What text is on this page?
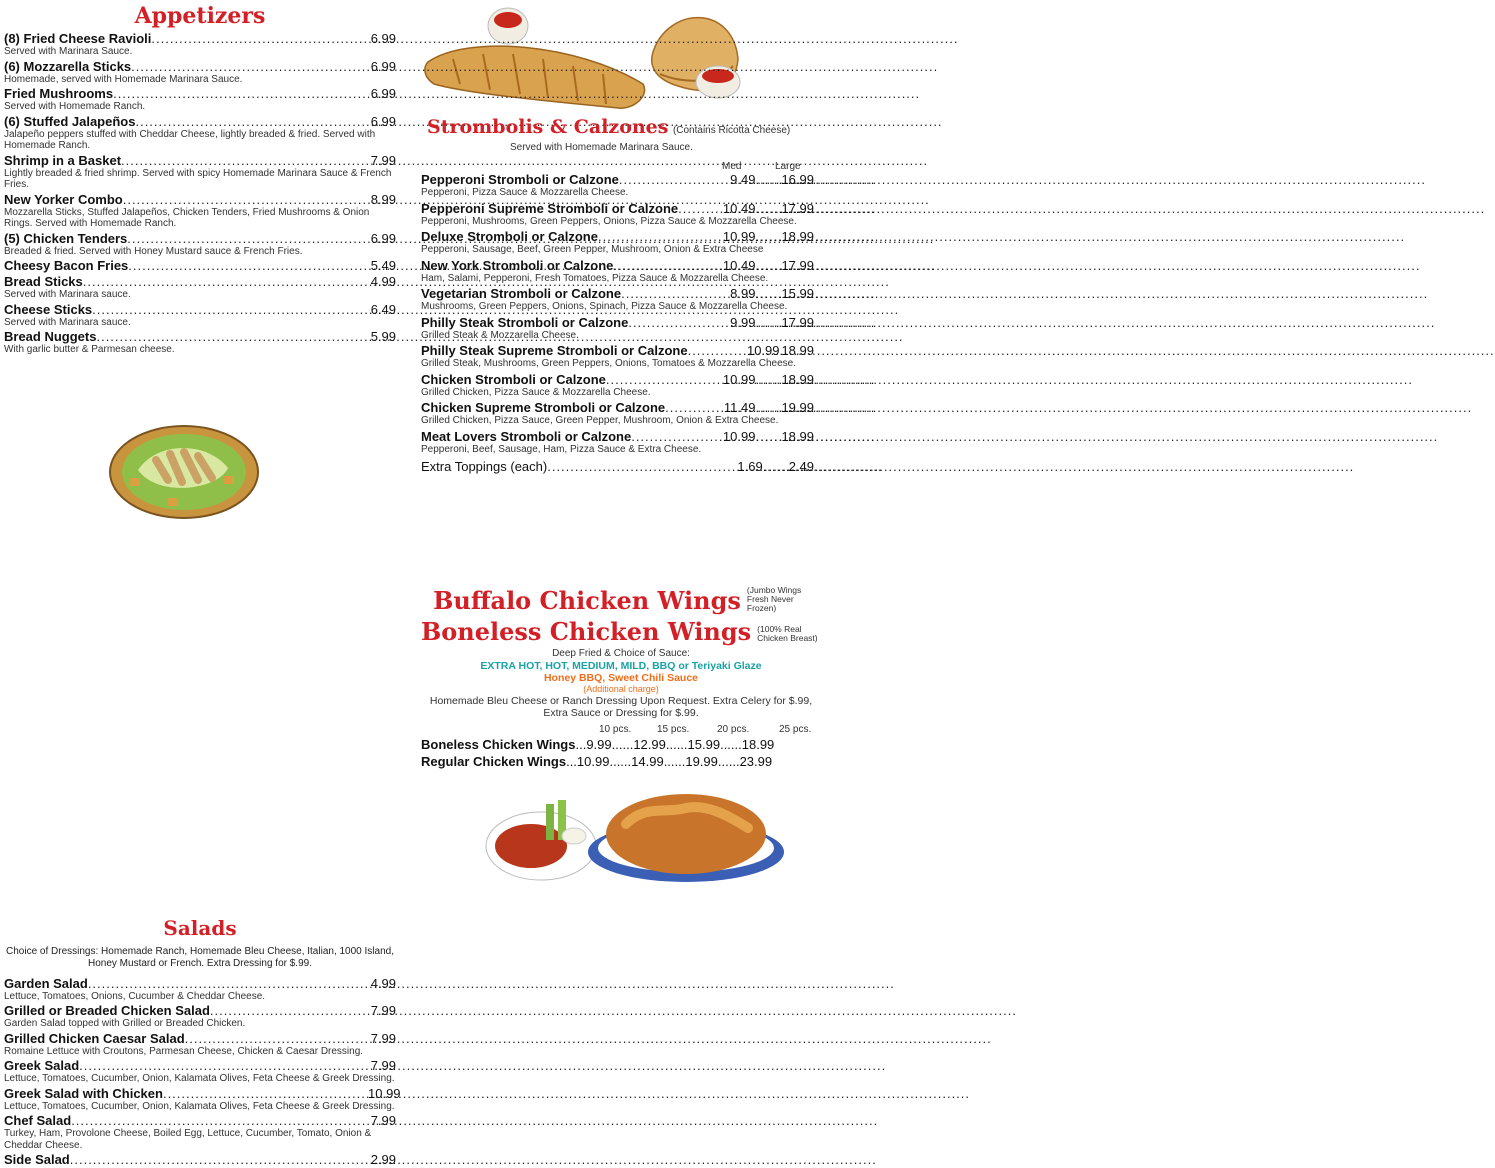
Appetizers
(8) Fried Cheese Ravioli .....	6.99
Served with Marinara Sauce.
(6) Mozzarella Sticks .....	6.99
Homemade, served with Homemade Marinara Sauce.
Fried Mushrooms .....	6.99
Served with Homemade Ranch.
(6) Stuffed Jalapeños .....	6.99
Jalapeño peppers stuffed with Cheddar Cheese, lightly breaded & fried. Served with Homemade Ranch.
Shrimp in a Basket .....	7.99
Lightly breaded & fried shrimp. Served with spicy Homemade Marinara Sauce & French Fries.
New Yorker Combo .....	8.99
Mozzarella Sticks, Stuffed Jalapeños, Chicken Tenders, Fried Mushrooms & Onion Rings. Served with Homemade Ranch.
(5) Chicken Tenders .....	6.99
Breaded & fried. Served with Honey Mustard sauce & French Fries.
Cheesy Bacon Fries .....	5.49
Bread Sticks .....	4.99
Served with Marinara sauce.
Cheese Sticks .....	6.49
Served with Marinara sauce.
Bread Nuggets .....	5.99
With garlic butter & Parmesan cheese.
Salads
Choice of Dressings: Homemade Ranch, Homemade Bleu Cheese, Italian, 1000 Island, Honey Mustard or French. Extra Dressing for $.99.
Garden Salad .....	4.99
Lettuce, Tomatoes, Onions, Cucumber & Cheddar Cheese.
Grilled or Breaded Chicken Salad .....	7.99
Garden Salad topped with Grilled or Breaded Chicken.
Grilled Chicken Caesar Salad .....	7.99
Romaine Lettuce with Croutons, Parmesan Cheese, Chicken & Caesar Dressing.
Greek Salad .....	7.99
Lettuce, Tomatoes, Cucumber, Onion, Kalamata Olives, Feta Cheese & Greek Dressing.
Greek Salad with Chicken .....	10.99
Lettuce, Tomatoes, Cucumber, Onion, Kalamata Olives, Feta Cheese & Greek Dressing.
Chef Salad .....	7.99
Turkey, Ham, Provolone Cheese, Boiled Egg, Lettuce, Cucumber, Tomato, Onion & Cheddar Cheese.
Side Salad .....	2.99
Strombolis & Calzones (Contains Ricotta Cheese)
Served with Homemade Marinara Sauce.
Med	Large
Pepperoni Stromboli or Calzone .....	9.49 ..... 16.99
Pepperoni, Pizza Sauce & Mozzarella Cheese.
Pepperoni Supreme Stromboli or Calzone .....	10.49 ..... 17.99
Pepperoni, Mushrooms, Green Peppers, Onions, Pizza Sauce & Mozzarella Cheese.
Deluxe Stromboli or Calzone .....	10.99 ..... 18.99
Pepperoni, Sausage, Beef, Green Pepper, Mushroom, Onion & Extra Cheese
New York Stromboli or Calzone .....	10.49 ..... 17.99
Ham, Salami, Pepperoni, Fresh Tomatoes, Pizza Sauce & Mozzarella Cheese.
Vegetarian Stromboli or Calzone .....	8.99 ..... 15.99
Mushrooms, Green Peppers, Onions, Spinach, Pizza Sauce & Mozzarella Cheese.
Philly Steak Stromboli or Calzone .....	9.99 ..... 17.99
Grilled Steak & Mozzarella Cheese.
Philly Steak Supreme Stromboli or Calzone .....	10.99 ..... 18.99
Grilled Steak, Mushrooms, Green Peppers, Onions, Tomatoes & Mozzarella Cheese.
Chicken Stromboli or Calzone .....	10.99 ..... 18.99
Grilled Chicken, Pizza Sauce & Mozzarella Cheese.
Chicken Supreme Stromboli or Calzone .....	11.49 ..... 19.99
Grilled Chicken, Pizza Sauce, Green Pepper, Mushroom, Onion & Extra Cheese.
Meat Lovers Stromboli or Calzone .....	10.99 ..... 18.99
Pepperoni, Beef, Sausage, Ham, Pizza Sauce & Extra Cheese.
Extra Toppings (each) .....	1.69 ..... 2.49
Buffalo Chicken Wings (Jumbo Wings Fresh Never Frozen)
Boneless Chicken Wings (100% Real Chicken Breast)
Deep Fried & Choice of Sauce:
EXTRA HOT, HOT, MEDIUM, MILD, BBQ or Teriyaki Glaze
Honey BBQ, Sweet Chili Sauce
(Additional charge)
Homemade Bleu Cheese or Ranch Dressing Upon Request. Extra Celery for $.99, Extra Sauce or Dressing for $.99.
10 pcs.	15 pcs.	20 pcs.	25 pcs.
Boneless Chicken Wings ... 9.99 ...... 12.99 ...... 15.99 ...... 18.99
Regular Chicken Wings ... 10.99 ...... 14.99 ...... 19.99 ...... 23.99
